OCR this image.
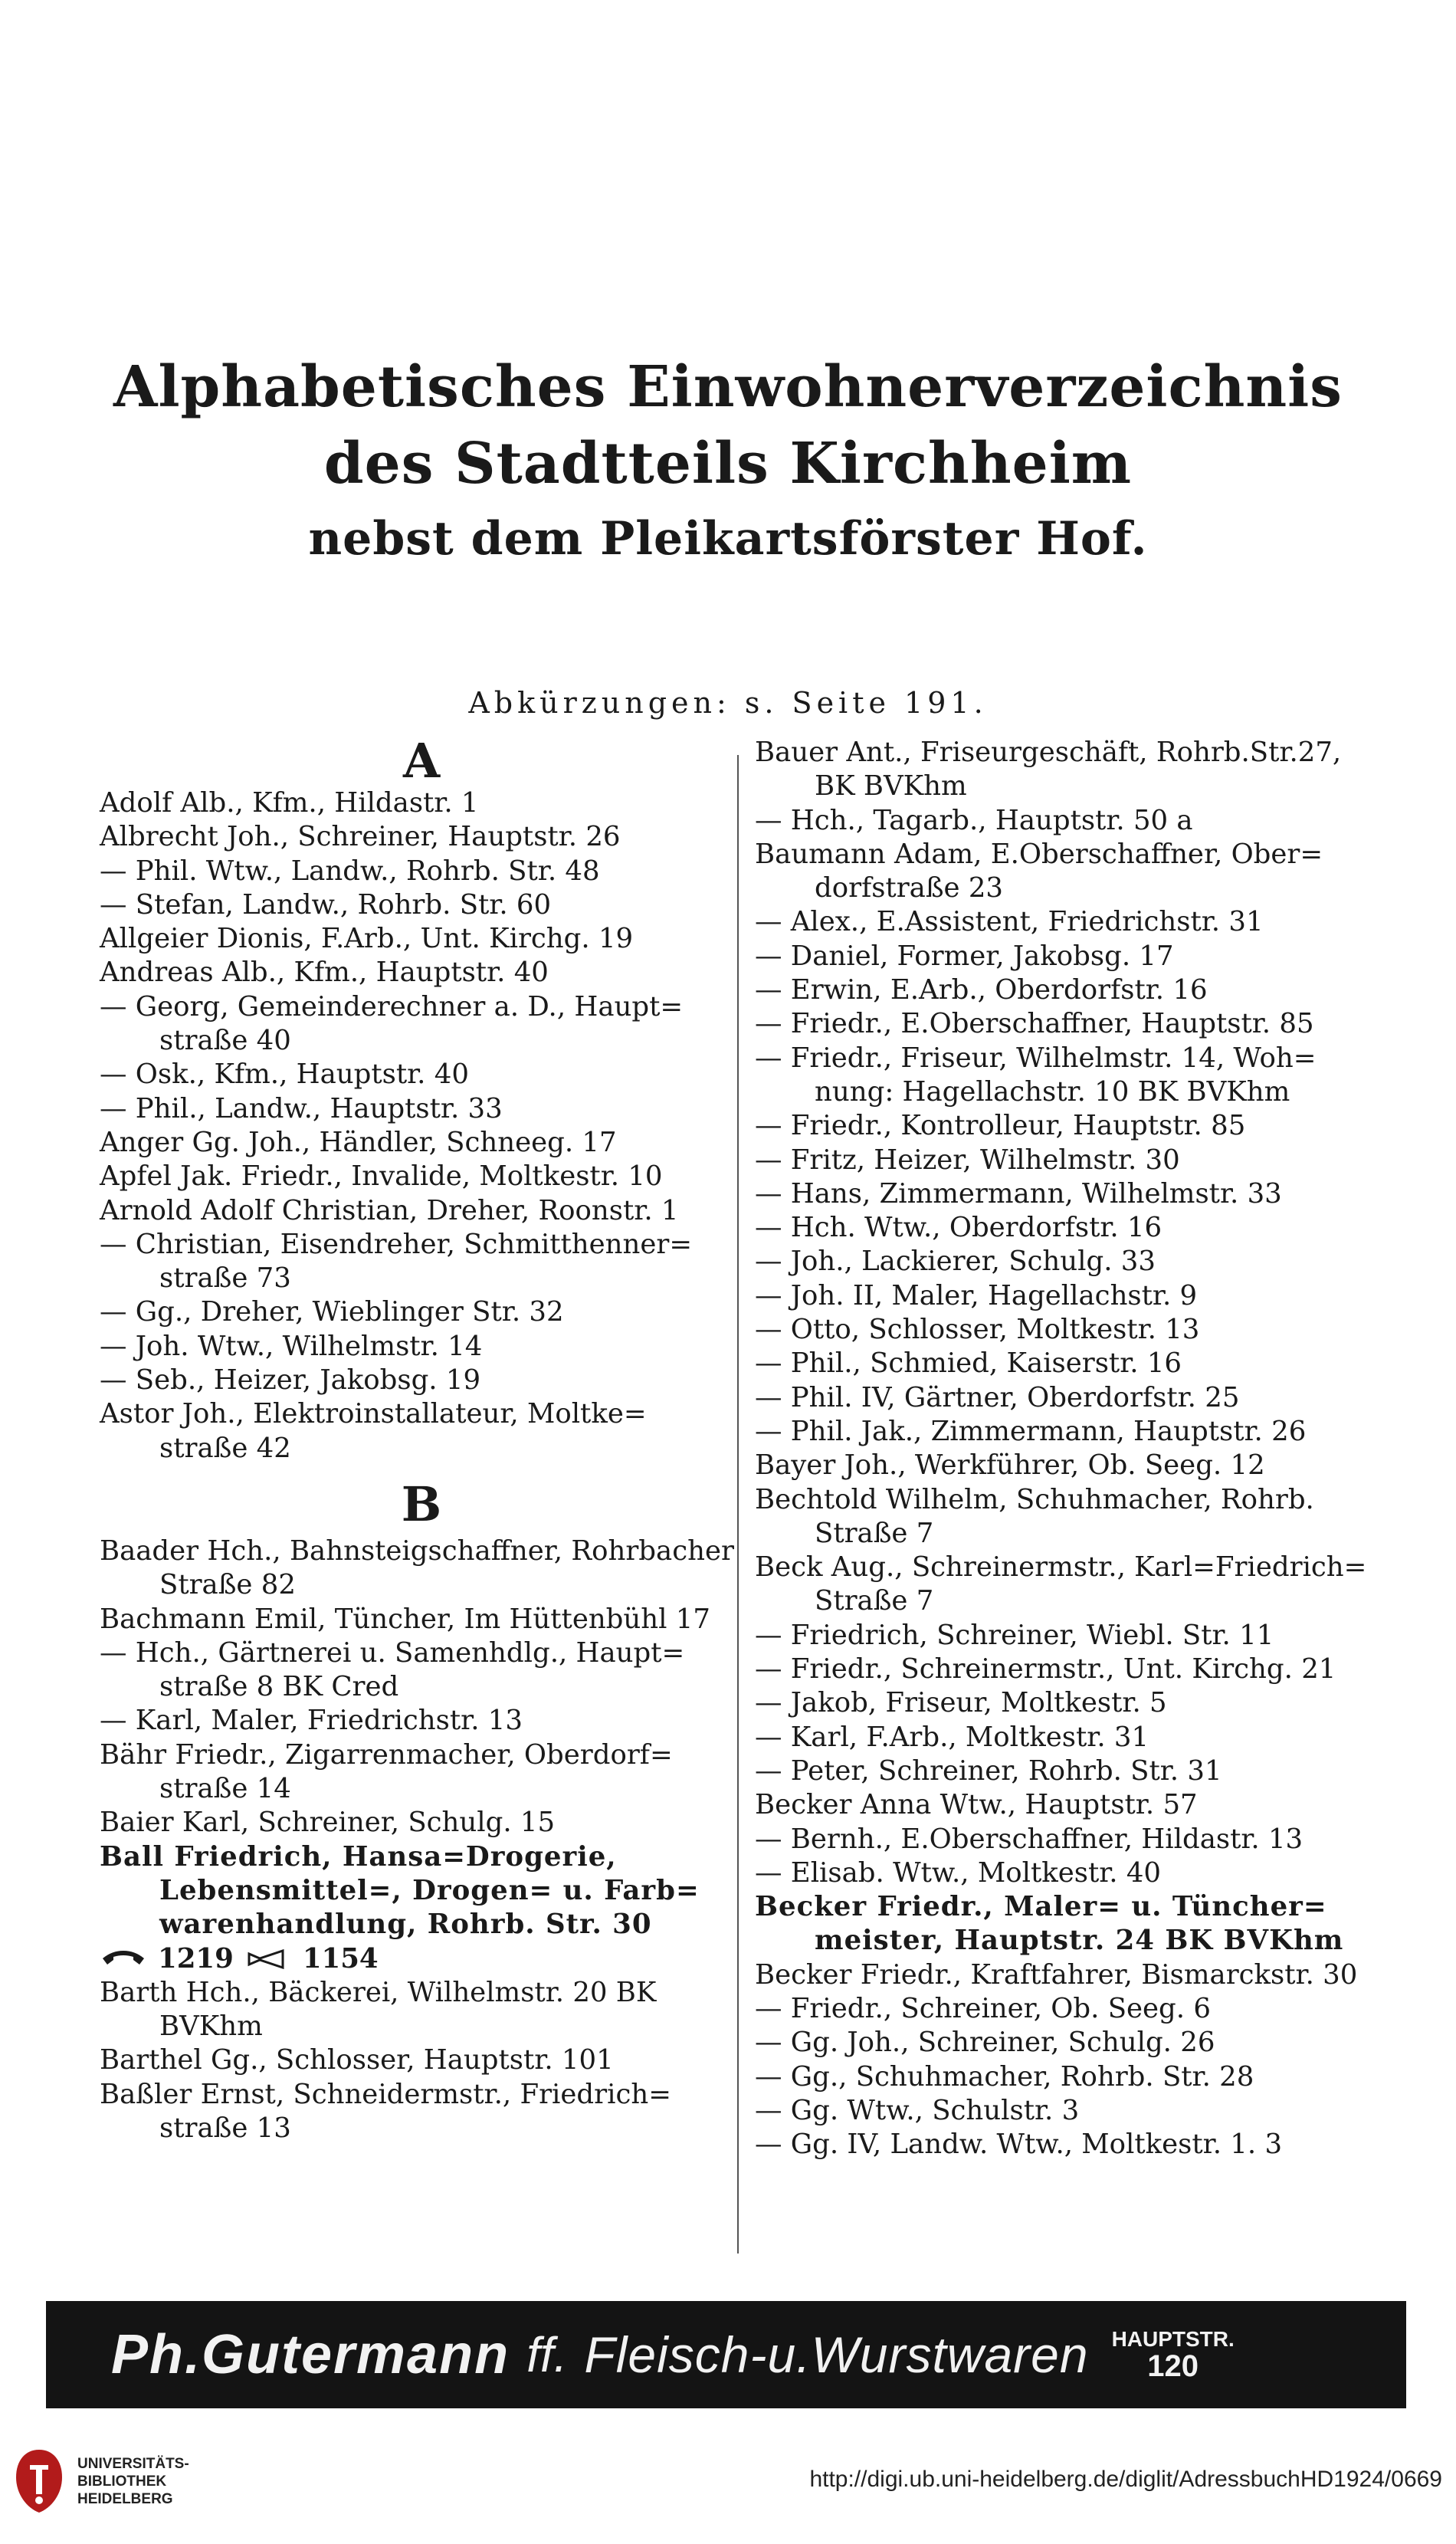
Alphabetisches Einwohnerverzeichnis
des Stadtteils Kirchheim
nebst dem Pleikartsförster Hof.
Abkürzungen: s. Seite 191.
A
Adolf Alb., Kfm., Hildastr. 1
Albrecht Joh., Schreiner, Hauptstr. 26
— Phil. Wtw., Landw., Rohrb. Str. 48
— Stefan, Landw., Rohrb. Str. 60
Allgeier Dionis, F.Arb., Unt. Kirchg. 19
Andreas Alb., Kfm., Hauptstr. 40
— Georg, Gemeinderechner a. D., Haupt=
straße 40
— Osk., Kfm., Hauptstr. 40
— Phil., Landw., Hauptstr. 33
Anger Gg. Joh., Händler, Schneeg. 17
Apfel Jak. Friedr., Invalide, Moltkestr. 10
Arnold Adolf Christian, Dreher, Roonstr. 1
— Christian, Eisendreher, Schmitthenner=
straße 73
— Gg., Dreher, Wieblinger Str. 32
— Joh. Wtw., Wilhelmstr. 14
— Seb., Heizer, Jakobsg. 19
Astor Joh., Elektroinstallateur, Moltke=
straße 42
B
Baader Hch., Bahnsteigschaffner, Rohrbacher
Straße 82
Bachmann Emil, Tüncher, Im Hüttenbühl 17
— Hch., Gärtnerei u. Samenhdlg., Haupt=
straße 8 BK Cred
— Karl, Maler, Friedrichstr. 13
Bähr Friedr., Zigarrenmacher, Oberdorf=
straße 14
Baier Karl, Schreiner, Schulg. 15
Ball Friedrich, Hansa=Drogerie,
Lebensmittel=, Drogen= u. Farb=
warenhandlung, Rohrb. Str. 30
1219	1154
Barth Hch., Bäckerei, Wilhelmstr. 20 BK
BVKhm
Barthel Gg., Schlosser, Hauptstr. 101
Baßler Ernst, Schneidermstr., Friedrich=
straße 13
Bauer Ant., Friseurgeschäft, Rohrb.Str.27,
BK BVKhm
— Hch., Tagarb., Hauptstr. 50 a
Baumann Adam, E.Oberschaffner, Ober=
dorfstraße 23
— Alex., E.Assistent, Friedrichstr. 31
— Daniel, Former, Jakobsg. 17
— Erwin, E.Arb., Oberdorfstr. 16
— Friedr., E.Oberschaffner, Hauptstr. 85
— Friedr., Friseur, Wilhelmstr. 14, Woh=
nung: Hagellachstr. 10 BK BVKhm
— Friedr., Kontrolleur, Hauptstr. 85
— Fritz, Heizer, Wilhelmstr. 30
— Hans, Zimmermann, Wilhelmstr. 33
— Hch. Wtw., Oberdorfstr. 16
— Joh., Lackierer, Schulg. 33
— Joh. II, Maler, Hagellachstr. 9
— Otto, Schlosser, Moltkestr. 13
— Phil., Schmied, Kaiserstr. 16
— Phil. IV, Gärtner, Oberdorfstr. 25
— Phil. Jak., Zimmermann, Hauptstr. 26
Bayer Joh., Werkführer, Ob. Seeg. 12
Bechtold Wilhelm, Schuhmacher, Rohrb.
Straße 7
Beck Aug., Schreinermstr., Karl=Friedrich=
Straße 7
— Friedrich, Schreiner, Wiebl. Str. 11
— Friedr., Schreinermstr., Unt. Kirchg. 21
— Jakob, Friseur, Moltkestr. 5
— Karl, F.Arb., Moltkestr. 31
— Peter, Schreiner, Rohrb. Str. 31
Becker Anna Wtw., Hauptstr. 57
— Bernh., E.Oberschaffner, Hildastr. 13
— Elisab. Wtw., Moltkestr. 40
Becker Friedr., Maler= u. Tüncher=
meister, Hauptstr. 24 BK BVKhm
Becker Friedr., Kraftfahrer, Bismarckstr. 30
— Friedr., Schreiner, Ob. Seeg. 6
— Gg. Joh., Schreiner, Schulg. 26
— Gg., Schuhmacher, Rohrb. Str. 28
— Gg. Wtw., Schulstr. 3
— Gg. IV, Landw. Wtw., Moltkestr. 1. 3
Ph.Gutermann ff. Fleisch-u.Wurstwaren HAUPTSTR.
120
UNIVERSITÄTS-
BIBLIOTHEK
HEIDELBERG
http://digi.ub.uni-heidelberg.de/diglit/AdressbuchHD1924/0669
